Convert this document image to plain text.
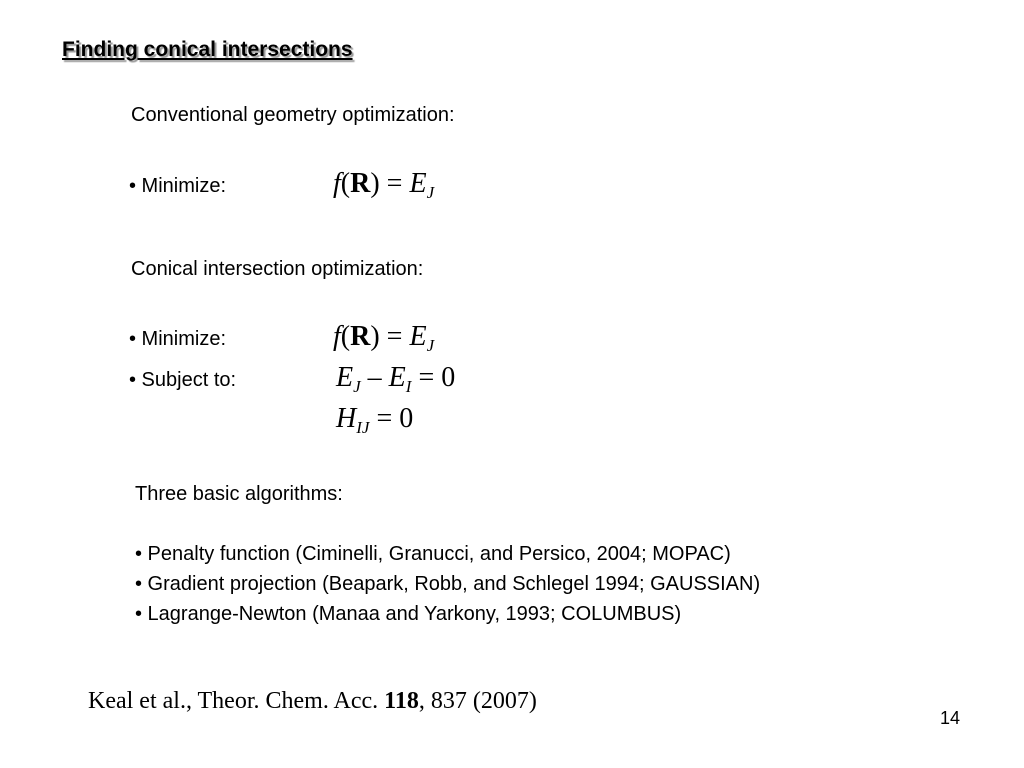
Finding conical intersections
Conventional geometry optimization:
• Minimize:	$f(R) = E_J$
Conical intersection optimization:
• Minimize:	$f(R) = E_J$
• Subject to:	$E_J - E_I = 0$
$H_{IJ} = 0$
Three basic algorithms:
• Penalty function (Ciminelli, Granucci, and Persico, 2004; MOPAC)
• Gradient projection (Beapark, Robb, and Schlegel 1994; GAUSSIAN)
• Lagrange-Newton (Manaa and Yarkony, 1993; COLUMBUS)
Keal et al., Theor. Chem. Acc. 118, 837 (2007)
14
